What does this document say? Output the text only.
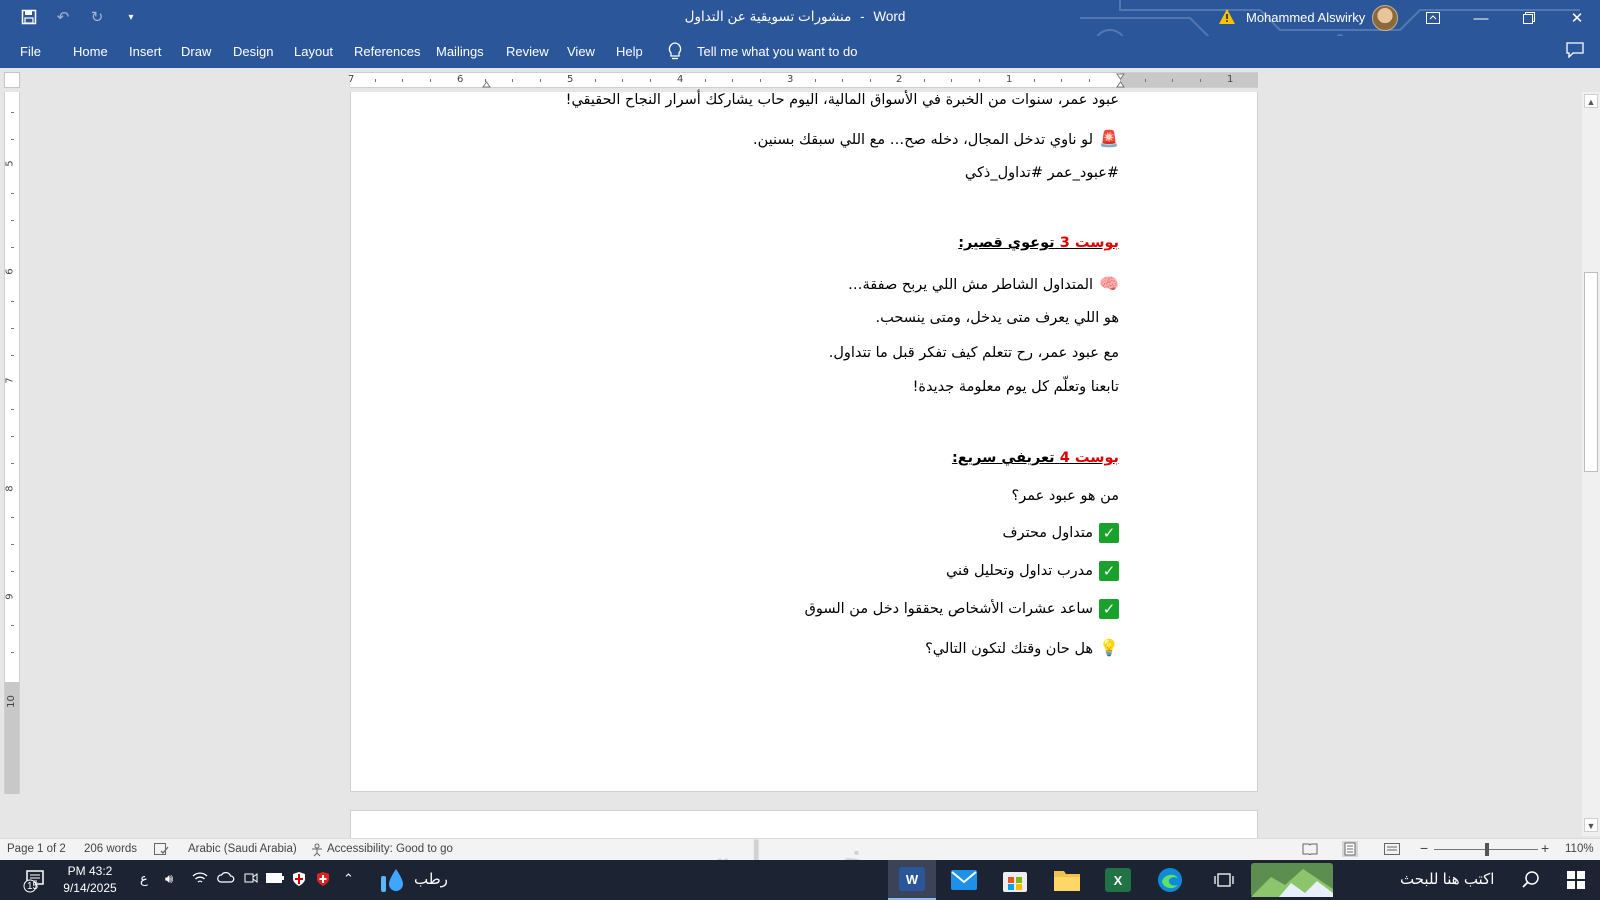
↶	↻	▾	منشورات تسويقية عن التداول - Word	Mohammed Alswirky	—	✕
File Home Insert Draw Design Layout References Mailings Review View Help	Tell me what you want to do
7	6	5	4	3	2	1	1
5
6
7
8
9
10
عبود عمر، سنوات من الخبرة في الأسواق المالية، اليوم حاب يشاركك أسرار النجاح الحقيقي!
🚨لو ناوي تدخل المجال، دخله صح… مع اللي سبقك بسنين.
#عبود_عمر #تداول_ذكي
بوست 3 توعوي قصير:
🧠المتداول الشاطر مش اللي يربح صفقة…
هو اللي يعرف متى يدخل، ومتى ينسحب.
مع عبود عمر، رح تتعلم كيف تفكر قبل ما تتداول.
تابعنا وتعلّم كل يوم معلومة جديدة!
بوست 4 تعريفي سريع:
من هو عبود عمر؟
✓متداول محترف
✓مدرب تداول وتحليل فني
✓ساعد عشرات الأشخاص يحققوا دخل من السوق
💡هل حان وقتك لتكون التالي؟
▲
▼
Page 1 of 2 206 words	Arabic (Saudi Arabia)	Accessibility: Good to go	−	+ 110%
15
PM 43:2
9/14/2025
ع 🔊︎	⌃	رطب	W	X	اكتب هنا للبحث
